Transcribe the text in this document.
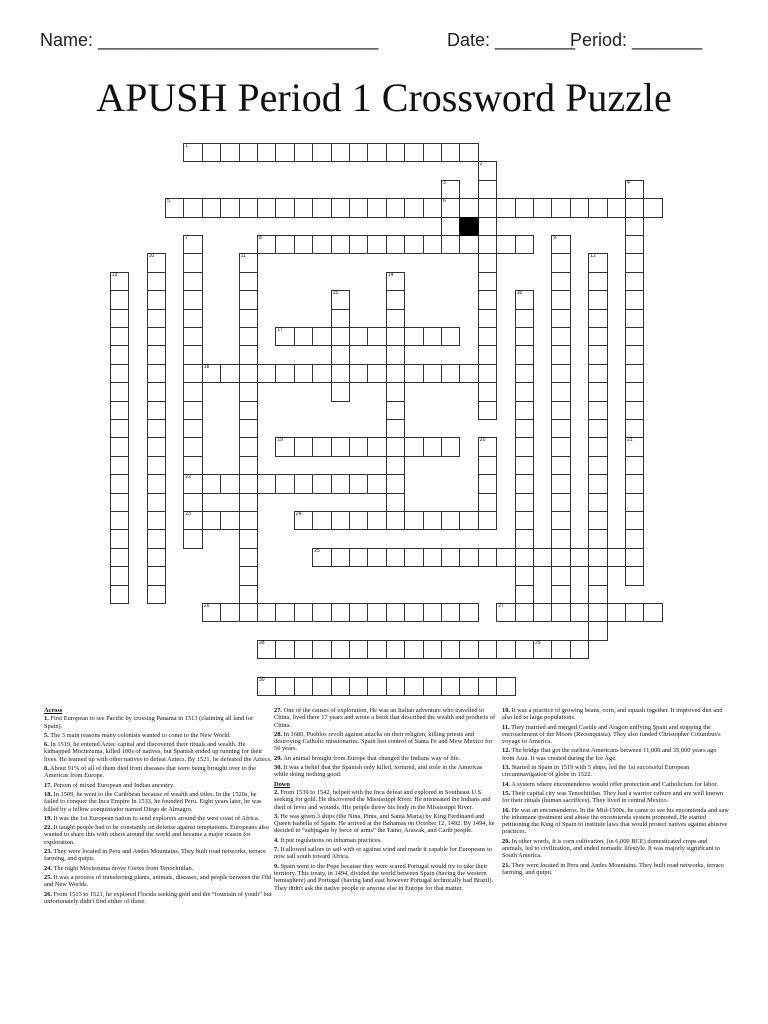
Name: ____________________________	Date: ________
Period: _______
APUSH Period 1 Crossword Puzzle
1
2
3
6
4
21
5
7
22
23
8	9
10	11	12
13	14
15	16
17
18
19	20
24
25
26	27
28	29
30

Across

1. First European to see Pacific by crossing Panama in 1513 (claiming all land for Spain).

5. The 3 main reasons many colonists wanted to come to the New World.

6. In 1519, he entered Aztec capital and discovered their rituals and wealth. He kidnapped Moctezuma, killed 100s of natives, but Spanish ended up running for their lives. He teamed up with other natives to defeat Aztecs. By 1521, he defeated the Aztecs.

8. About 91% of all of them died from diseases that were being brought over to the Americas from Europe.

17. Person of mixed European and Indian ancestry.

18. In 1509, he went to the Caribbean because of wealth and titles. In the 1520s, he failed to conquer the Inca Empire In 1533, he founded Peru. Eight years later, he was killed by a fellow conquistador named Diego de Almagro.

19. It was the 1st European nation to send explorers around the west coast of Africa.

22. It taught people had to be constantly on defense against temptations. Europeans also wanted to share this with others around the world and became a major reason for exploration.

23. They were located in Peru and Andes Mountains. They built road networks, terrace farming, and quipu.

24. The night Moctezuma drove Cortes from Tenochtitlan.

25. It was a process of transferring plants, animals, diseases, and people between the Old and New Worlds.

26. From 1513 to 1521, he explored Florida seeking gold and the “fountain of youth” but unfortunately didn't find either of those.

27. One of the causes of exploration, He was an Italian adventure who travelled to China, lived there 17 years and wrote a book that described the wealth and products of China.

28. In 1680, Pueblos revolt against attacks on their religion, killing priests and destroying Catholic missionaries. Spain lost control of Santa Fe and Mew Mexico for 50 years.

29. An animal brought from Europe that changed the Indians way of life.

30. It was a belief that the Spanish only killed, tortured, and stole in the Americas while doing nothing good.

Down

2. From 1539 to 1542, helped with the Inca defeat and explored in Southeast U.S. seeking for gold. He discovered the Mississippi River. He mistreated the Indians and died of fever and wounds. His people threw his body in the Mississippi River.

3. He was given 3 ships (the Nina, Pinta, and Santa Maria) by King Ferdinand and Queen Isabella of Spain. He arrived at the Bahamas on October 12, 1492. By 1494, he decided to “subjugate by force of arms” the Taino, Arawak, and Carib people.

4. It put regulations on inhuman practices.

7. It allowed sailors to sail with or against wind and made it capable for Europeans to now sail south toward Africa.

9. Spain went to the Pope because they were scared Portugal would try to take their territory. This treaty, in 1494, divided the world between Spain (having the western hemisphere) and Portugal (having land east however Portugal technically had Brazil). They didn't ask the native people or anyone else in Europe for that matter.

10. It was a practice of growing beans, corn, and squash together. It improved diet and also led to large populations.

11. They married and merged Castile and Aragon unifying Spain and stopping the encroachment of the Moors (Reconquista). They also funded Christopher Columbus's voyage to America.

12. The bridge that got the earliest Americans between 11,000 and 35,000 years ago from Asia. It was created during the Ice Age.

13. Started in Spain in 1519 with 5 ships, led the 1st successful European circumnavigation of globe in 1522.

14. A system where encomenderos would offer protection and Catholicism for labor.

15. Their capital city was Tenochtitlan. They had a warrior culture and are well known for their rituals (human sacrifices). They lived in central Mexico.

16. He was an encomenderos. In the Mid-1500s, he came to see his encomienda and saw the inhumane treatment and abuse the encomienda system promoted. He started petitioning the King of Spain to institute laws that would protect natives against abusive practices.

20. In other words, it is corn cultivation, (in 6,000 BCE) domesticated crops and animals, led to civilization, and ended nomadic lifestyle. It was majorly significant to South America.

21. They were located in Peru and Andes Mountains. They built road networks, terrace farming, and quipu.
